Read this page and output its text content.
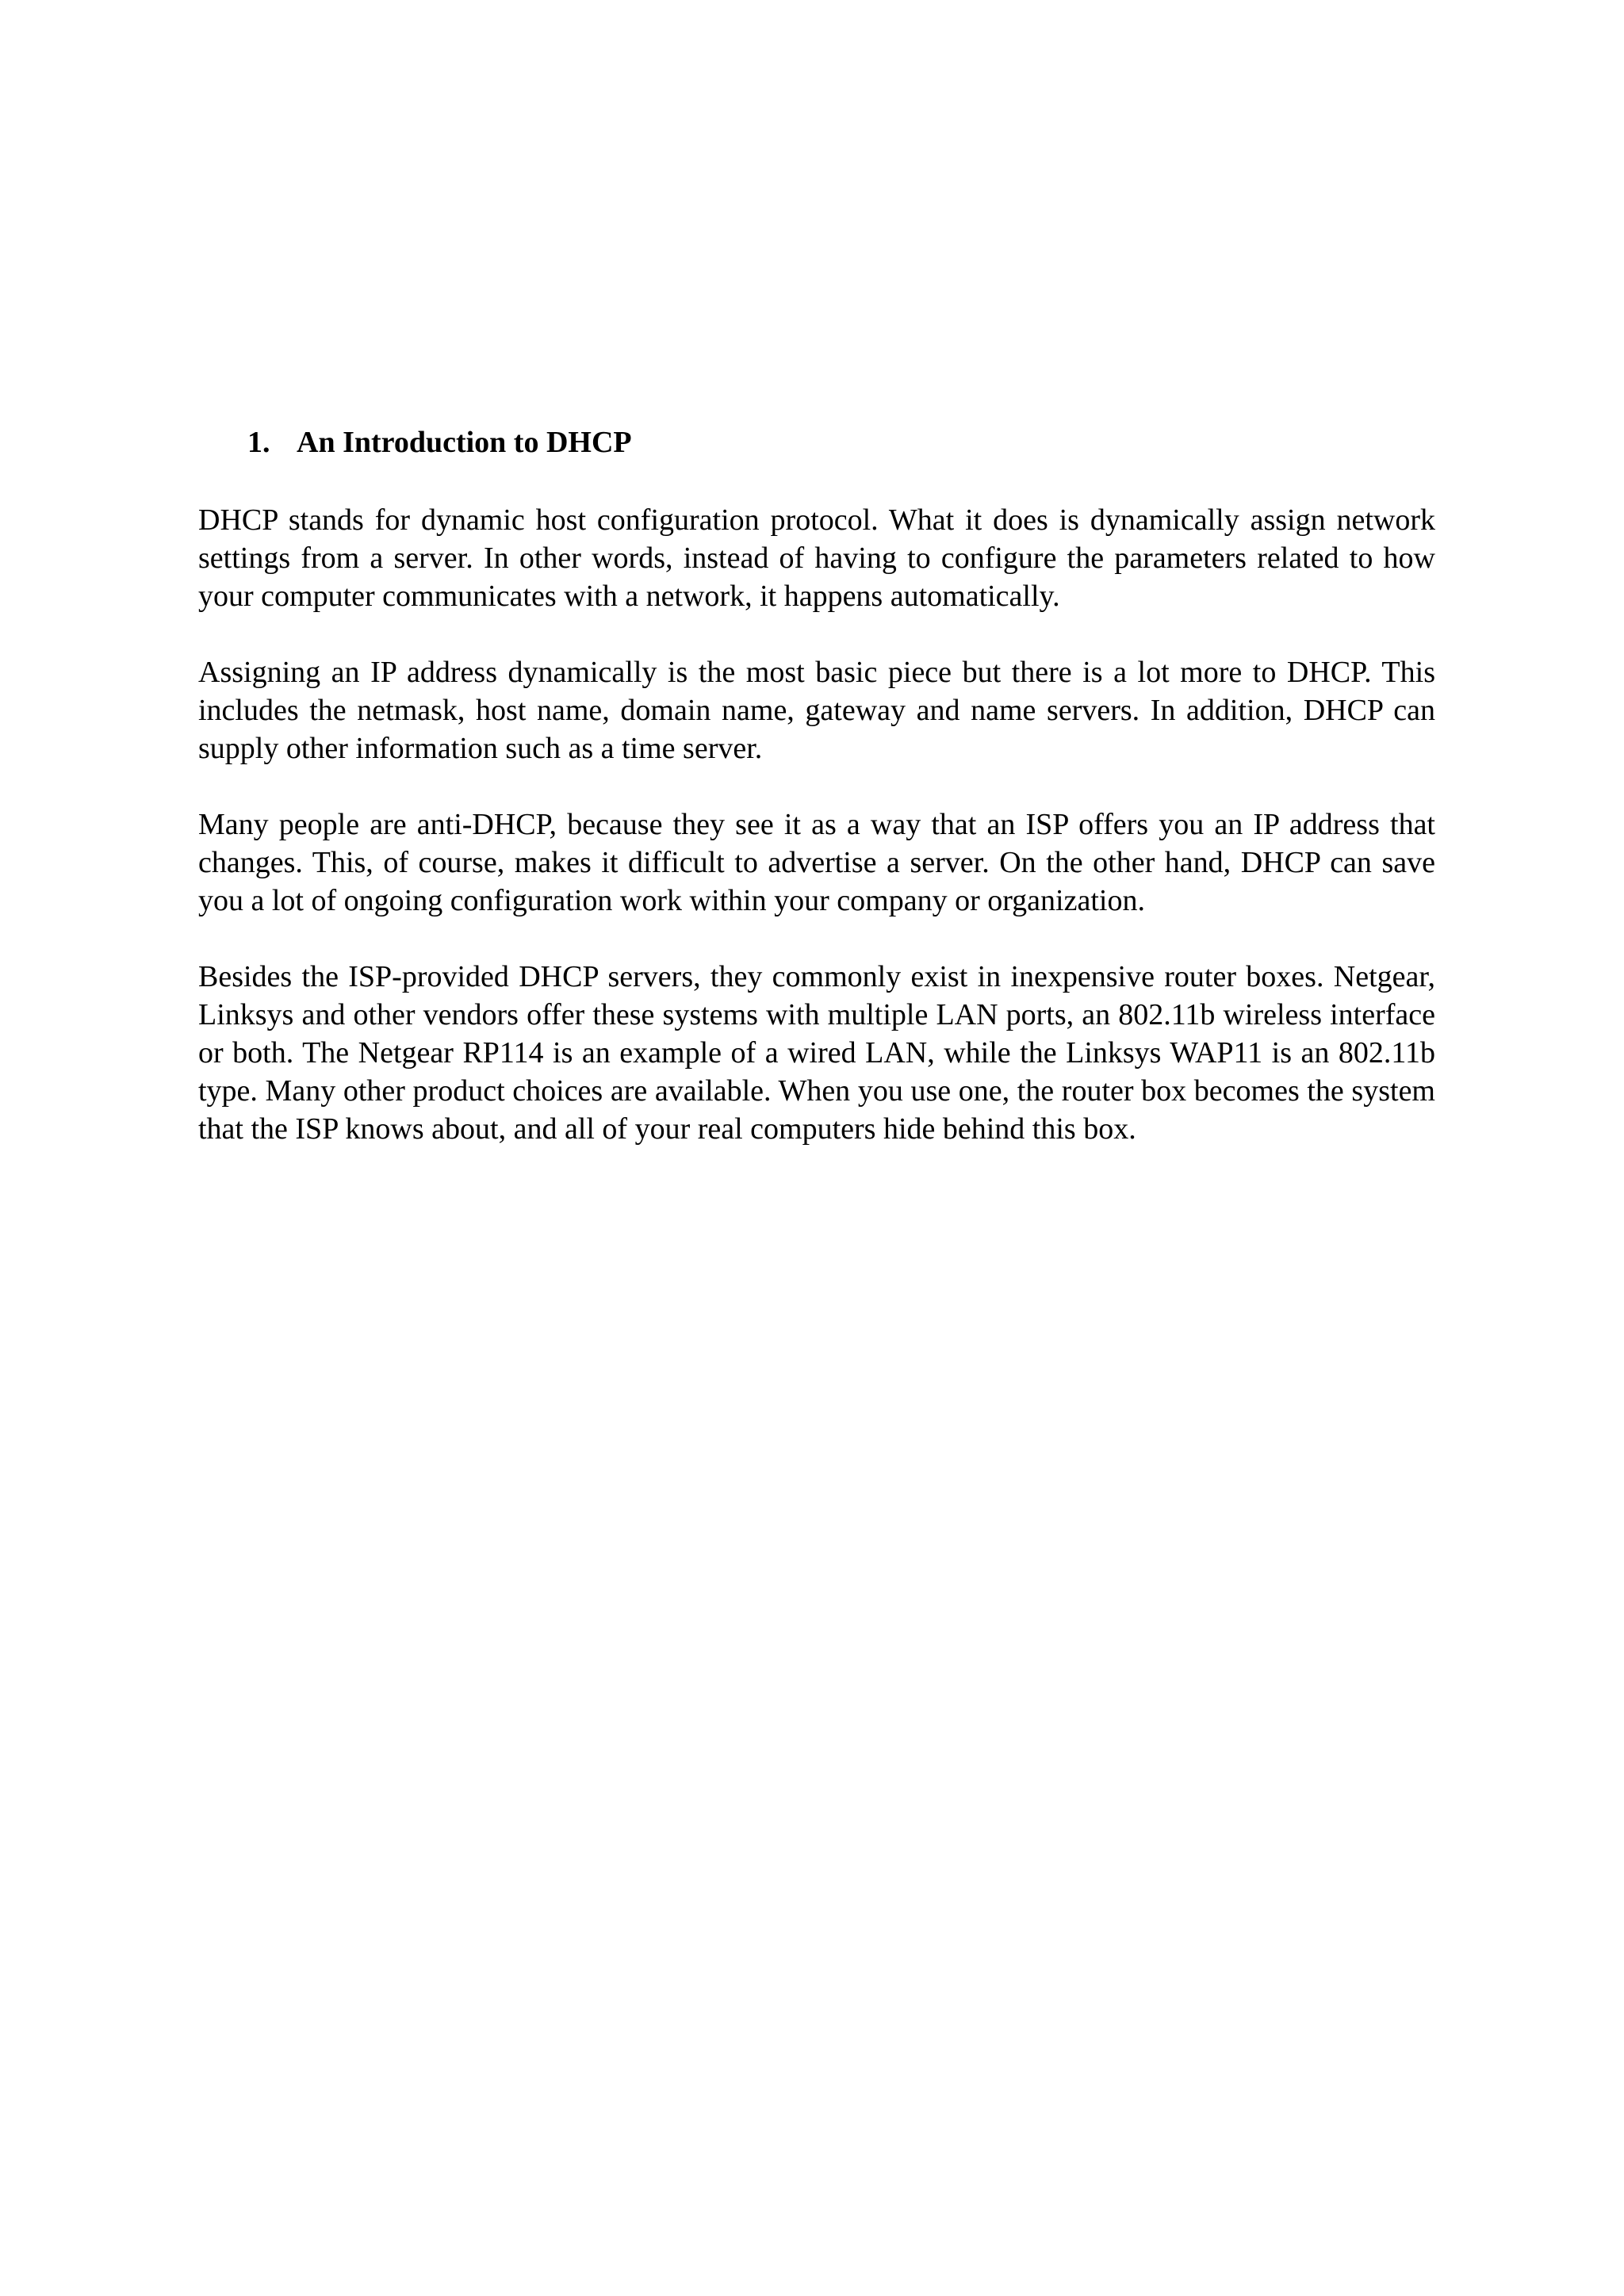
1. An Introduction to DHCP

DHCP stands for dynamic host configuration protocol. What it does is dynamically assign network settings from a server. In other words, instead of having to configure the parameters related to how your computer communicates with a network, it happens automatically.

Assigning an IP address dynamically is the most basic piece but there is a lot more to DHCP. This includes the netmask, host name, domain name, gateway and name servers. In addition, DHCP can supply other information such as a time server.

Many people are anti-DHCP, because they see it as a way that an ISP offers you an IP address that changes. This, of course, makes it difficult to advertise a server. On the other hand, DHCP can save you a lot of ongoing configuration work within your company or organization.

Besides the ISP-provided DHCP servers, they commonly exist in inexpensive router boxes. Netgear, Linksys and other vendors offer these systems with multiple LAN ports, an 802.11b wireless interface or both. The Netgear RP114 is an example of a wired LAN, while the Linksys WAP11 is an 802.11b type. Many other product choices are available. When you use one, the router box becomes the system that the ISP knows about, and all of your real computers hide behind this box.
